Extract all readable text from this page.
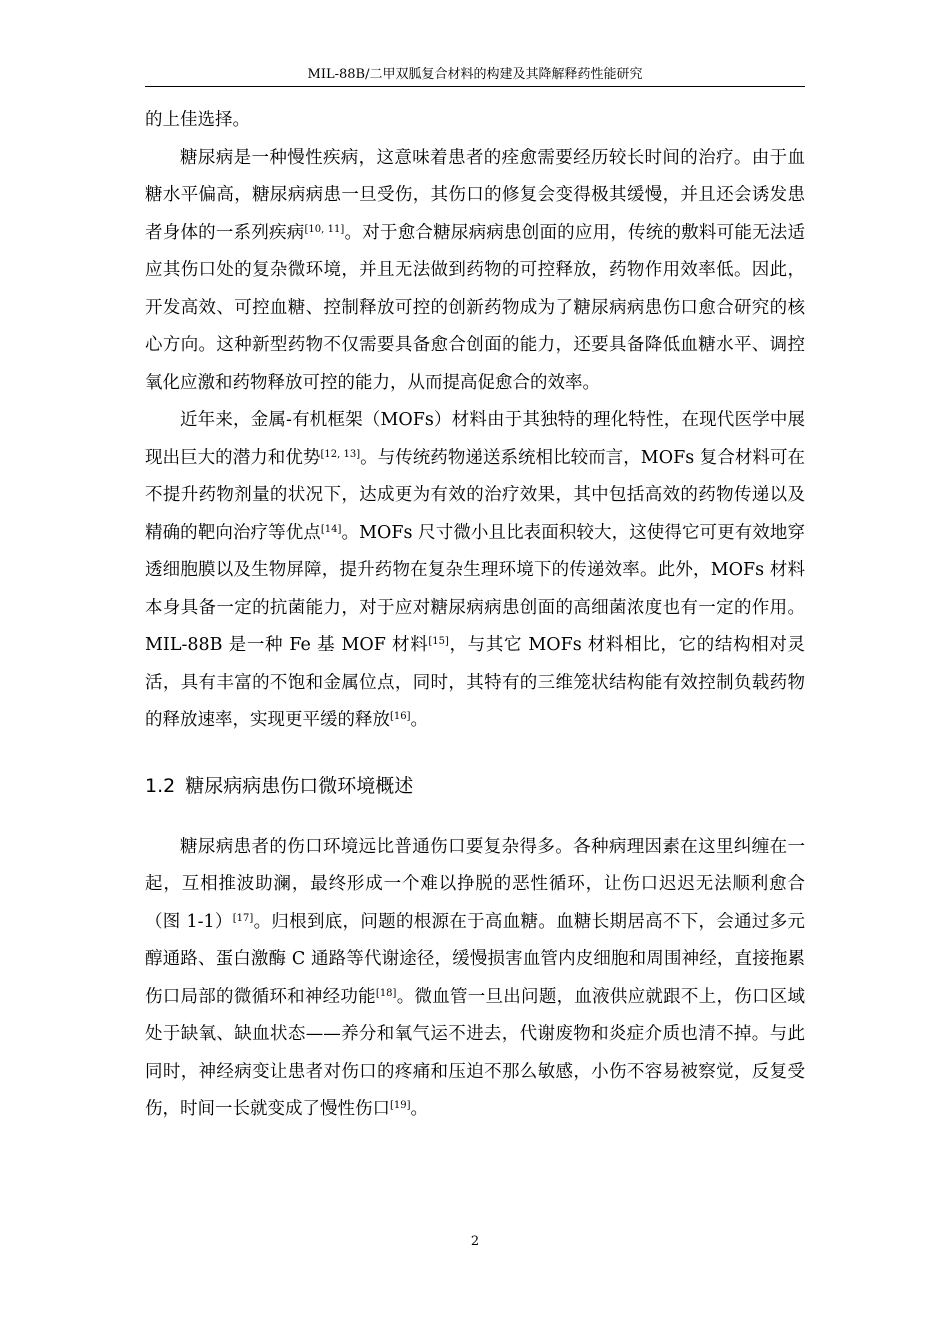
MIL-88B/二甲双胍复合材料的构建及其降解释药性能研究

的上佳选择。

糖尿病是一种慢性疾病，这意味着患者的痊愈需要经历较长时间的治疗。由于血糖水平偏高，糖尿病病患一旦受伤，其伤口的修复会变得极其缓慢，并且还会诱发患者身体的一系列疾病[10, 11]。对于愈合糖尿病病患创面的应用，传统的敷料可能无法适应其伤口处的复杂微环境，并且无法做到药物的可控释放，药物作用效率低。因此，开发高效、可控血糖、控制释放可控的创新药物成为了糖尿病病患伤口愈合研究的核心方向。这种新型药物不仅需要具备愈合创面的能力，还要具备降低血糖水平、调控氧化应激和药物释放可控的能力，从而提高促愈合的效率。

近年来，金属-有机框架（MOFs）材料由于其独特的理化特性，在现代医学中展现出巨大的潜力和优势[12, 13]。与传统药物递送系统相比较而言，MOFs 复合材料可在不提升药物剂量的状况下，达成更为有效的治疗效果，其中包括高效的药物传递以及精确的靶向治疗等优点[14]。MOFs 尺寸微小且比表面积较大，这使得它可更有效地穿透细胞膜以及生物屏障，提升药物在复杂生理环境下的传递效率。此外，MOFs 材料本身具备一定的抗菌能力，对于应对糖尿病病患创面的高细菌浓度也有一定的作用。MIL-88B 是一种 Fe 基 MOF 材料[15]，与其它 MOFs 材料相比，它的结构相对灵活，具有丰富的不饱和金属位点，同时，其特有的三维笼状结构能有效控制负载药物的释放速率，实现更平缓的释放[16]。

1.2 糖尿病病患伤口微环境概述

糖尿病患者的伤口环境远比普通伤口要复杂得多。各种病理因素在这里纠缠在一起，互相推波助澜，最终形成一个难以挣脱的恶性循环，让伤口迟迟无法顺利愈合（图 1-1）[17]。归根到底，问题的根源在于高血糖。血糖长期居高不下，会通过多元醇通路、蛋白激酶 C 通路等代谢途径，缓慢损害血管内皮细胞和周围神经，直接拖累伤口局部的微循环和神经功能[18]。微血管一旦出问题，血液供应就跟不上，伤口区域处于缺氧、缺血状态——养分和氧气运不进去，代谢废物和炎症介质也清不掉。与此同时，神经病变让患者对伤口的疼痛和压迫不那么敏感，小伤不容易被察觉，反复受伤，时间一长就变成了慢性伤口[19]。

2
